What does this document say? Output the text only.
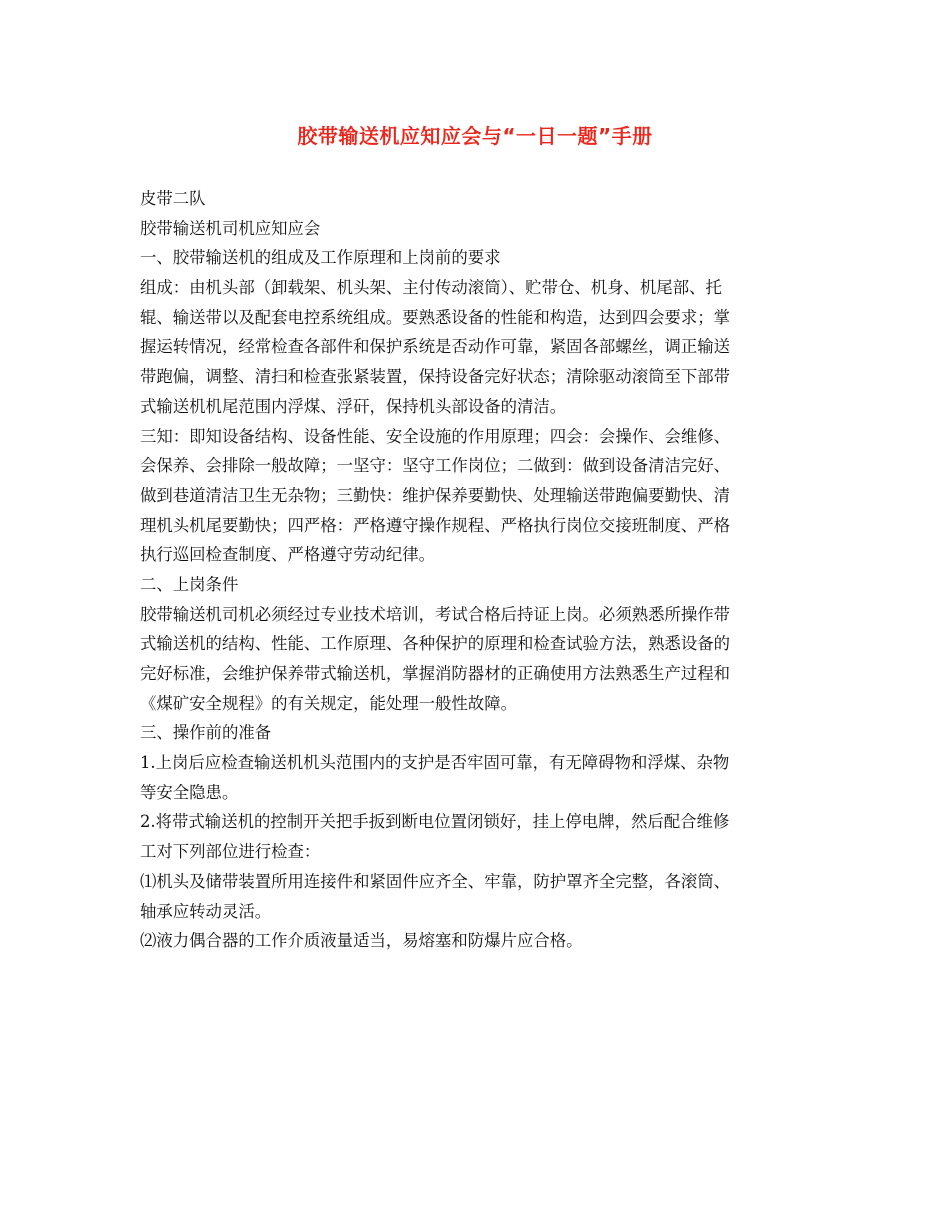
胶带输送机应知应会与“一日一题”手册
皮带二队
胶带输送机司机应知应会
一、胶带输送机的组成及工作原理和上岗前的要求
组成：由机头部（卸载架、机头架、主付传动滚筒）、贮带仓、机身、机尾部、托
辊、输送带以及配套电控系统组成。要熟悉设备的性能和构造，达到四会要求；掌
握运转情况，经常检查各部件和保护系统是否动作可靠，紧固各部螺丝，调正输送
带跑偏，调整、清扫和检查张紧装置，保持设备完好状态；清除驱动滚筒至下部带
式输送机机尾范围内浮煤、浮矸，保持机头部设备的清洁。
三知：即知设备结构、设备性能、安全设施的作用原理；四会：会操作、会维修、
会保养、会排除一般故障；一坚守：坚守工作岗位；二做到：做到设备清洁完好、
做到巷道清洁卫生无杂物；三勤快：维护保养要勤快、处理输送带跑偏要勤快、清
理机头机尾要勤快；四严格：严格遵守操作规程、严格执行岗位交接班制度、严格
执行巡回检查制度、严格遵守劳动纪律。
二、上岗条件
胶带输送机司机必须经过专业技术培训，考试合格后持证上岗。必须熟悉所操作带
式输送机的结构、性能、工作原理、各种保护的原理和检查试验方法，熟悉设备的
完好标准，会维护保养带式输送机，掌握消防器材的正确使用方法熟悉生产过程和
《煤矿安全规程》的有关规定，能处理一般性故障。
三、操作前的准备
1.上岗后应检查输送机机头范围内的支护是否牢固可靠，有无障碍物和浮煤、杂物
等安全隐患。
2.将带式输送机的控制开关把手扳到断电位置闭锁好，挂上停电牌，然后配合维修
工对下列部位进行检查：
⑴机头及储带装置所用连接件和紧固件应齐全、牢靠，防护罩齐全完整，各滚筒、
轴承应转动灵活。
⑵液力偶合器的工作介质液量适当，易熔塞和防爆片应合格。
